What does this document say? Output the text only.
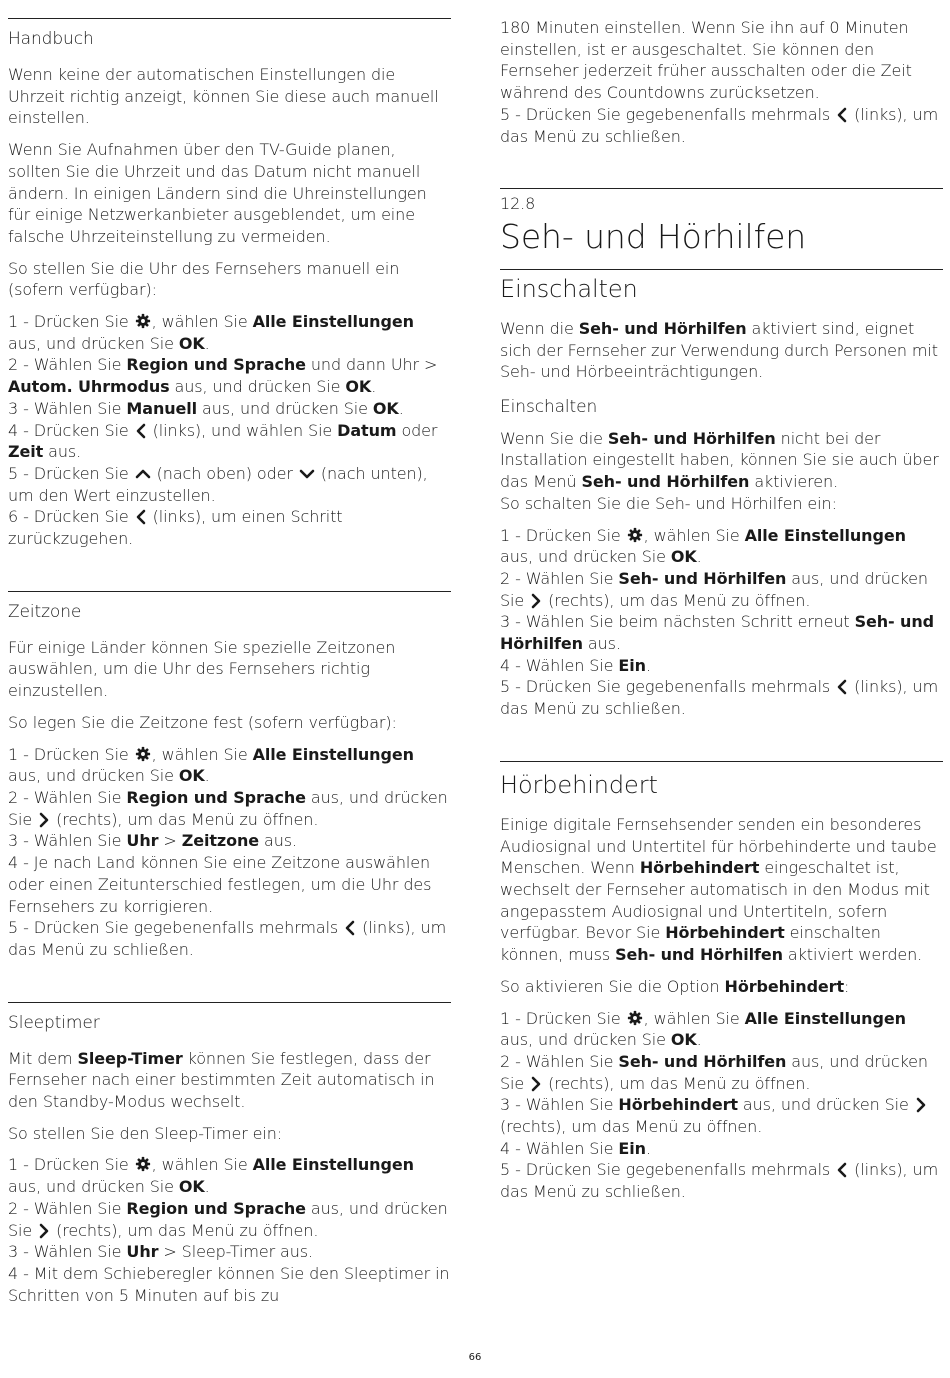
Handbuch

Wenn keine der automatischen Einstellungen die Uhrzeit richtig anzeigt, können Sie diese auch manuell einstellen.

Wenn Sie Aufnahmen über den TV-Guide planen, sollten Sie die Uhrzeit und das Datum nicht manuell ändern. In einigen Ländern sind die Uhreinstellungen für einige Netzwerkanbieter ausgeblendet, um eine falsche Uhrzeiteinstellung zu vermeiden.

So stellen Sie die Uhr des Fernsehers manuell ein (sofern verfügbar):

1 - Drücken Sie
, wählen Sie Alle Einstellungen aus, und drücken Sie OK.

2 - Wählen Sie Region und Sprache und dann Uhr > Autom. Uhrmodus aus, und drücken Sie OK.

3 - Wählen Sie Manuell aus, und drücken Sie OK.

4 - Drücken Sie
(links), und wählen Sie Datum oder Zeit aus.

5 - Drücken Sie
(nach oben) oder
(nach unten), um den Wert einzustellen.

6 - Drücken Sie
(links), um einen Schritt zurückzugehen.

Zeitzone

Für einige Länder können Sie spezielle Zeitzonen auswählen, um die Uhr des Fernsehers richtig einzustellen.

So legen Sie die Zeitzone fest (sofern verfügbar):

1 - Drücken Sie
, wählen Sie Alle Einstellungen aus, und drücken Sie OK.

2 - Wählen Sie Region und Sprache aus, und drücken Sie
(rechts), um das Menü zu öffnen.

3 - Wählen Sie Uhr > Zeitzone aus.

4 - Je nach Land können Sie eine Zeitzone auswählen oder einen Zeitunterschied festlegen, um die Uhr des Fernsehers zu korrigieren.

5 - Drücken Sie gegebenenfalls mehrmals
(links), um das Menü zu schließen.

Sleeptimer

Mit dem Sleep-Timer können Sie festlegen, dass der Fernseher nach einer bestimmten Zeit automatisch in den Standby-Modus wechselt.

So stellen Sie den Sleep-Timer ein:

1 - Drücken Sie
, wählen Sie Alle Einstellungen aus, und drücken Sie OK.

2 - Wählen Sie Region und Sprache aus, und drücken Sie
(rechts), um das Menü zu öffnen.

3 - Wählen Sie Uhr > Sleep-Timer aus.

4 - Mit dem Schieberegler können Sie den Sleeptimer in Schritten von 5 Minuten auf bis zu

180 Minuten einstellen. Wenn Sie ihn auf 0 Minuten einstellen, ist er ausgeschaltet. Sie können den Fernseher jederzeit früher ausschalten oder die Zeit während des Countdowns zurücksetzen.

5 - Drücken Sie gegebenenfalls mehrmals
(links), um das Menü zu schließen.

12.8

Seh- und Hörhilfen

Einschalten

Wenn die Seh- und Hörhilfen aktiviert sind, eignet sich der Fernseher zur Verwendung durch Personen mit Seh- und Hörbeeinträchtigungen.

Einschalten

Wenn Sie die Seh- und Hörhilfen nicht bei der Installation eingestellt haben, können Sie sie auch über das Menü Seh- und Hörhilfen aktivieren.

So schalten Sie die Seh- und Hörhilfen ein:

1 - Drücken Sie
, wählen Sie Alle Einstellungen aus, und drücken Sie OK.

2 - Wählen Sie Seh- und Hörhilfen aus, und drücken Sie
(rechts), um das Menü zu öffnen.

3 - Wählen Sie beim nächsten Schritt erneut Seh- und Hörhilfen aus.

4 - Wählen Sie Ein.

5 - Drücken Sie gegebenenfalls mehrmals
(links), um das Menü zu schließen.

Hörbehindert

Einige digitale Fernsehsender senden ein besonderes Audiosignal und Untertitel für hörbehinderte und taube Menschen. Wenn Hörbehindert eingeschaltet ist, wechselt der Fernseher automatisch in den Modus mit angepasstem Audiosignal und Untertiteln, sofern verfügbar. Bevor Sie Hörbehindert einschalten können, muss Seh- und Hörhilfen aktiviert werden.

So aktivieren Sie die Option Hörbehindert:

1 - Drücken Sie
, wählen Sie Alle Einstellungen aus, und drücken Sie OK.

2 - Wählen Sie Seh- und Hörhilfen aus, und drücken Sie
(rechts), um das Menü zu öffnen.

3 - Wählen Sie Hörbehindert aus, und drücken Sie
(rechts), um das Menü zu öffnen.

4 - Wählen Sie Ein.

5 - Drücken Sie gegebenenfalls mehrmals
(links), um das Menü zu schließen.

66
